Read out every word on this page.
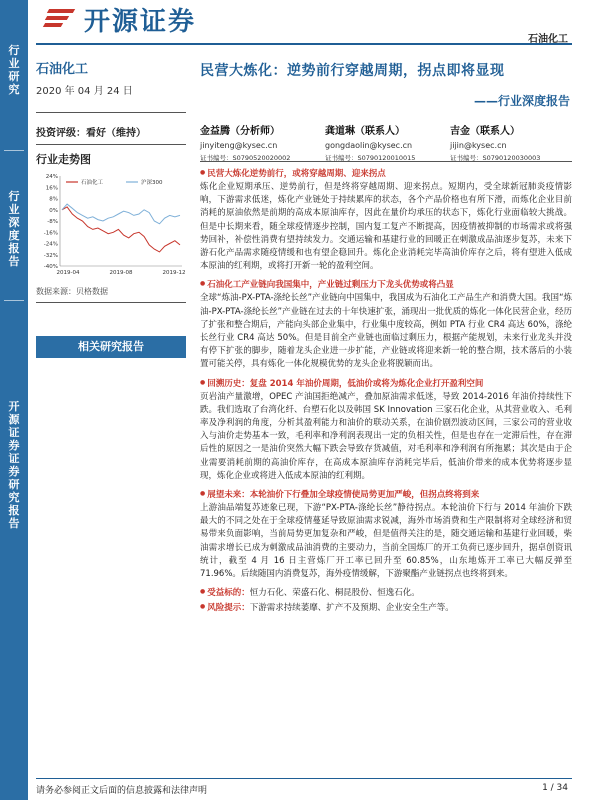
行业研究
行业深度报告
开源证券证券研究报告
开源证券
石油化工
石油化工
2020 年 04 月 24 日
投资评级：看好（维持）
行业走势图
24%
16%
8%
0%
-8%
-16%
-24%
-32%
-40%
2019-04	2019-08	2019-12
石油化工	沪深300
数据来源：贝格数据
相关研究报告
民营大炼化：逆势前行穿越周期，拐点即将显现
——行业深度报告
金益腾（分析师）
jinyiteng@kysec.cn
证书编号：S0790520020002
龚道琳（联系人）
gongdaolin@kysec.cn
证书编号：S0790120010015
吉金（联系人）
jijin@kysec.cn
证书编号：S0790120030003
● 民营大炼化逆势前行，或将穿越周期、迎来拐点

炼化企业短期承压、逆势前行，但是终将穿越周期、迎来拐点。短期内，受全球新冠肺炎疫情影响，下游需求低迷，炼化产业链处于持续累库的状态，各个产品价格也有所下滑，而炼化企业目前消耗的原油依然是前期的高成本原油库存，因此在量价均承压的状态下，炼化行业面临较大挑战。但是中长期来看，随全球疫情逐步控制，国内复工复产不断提高，因疫情被抑制的市场需求或将强势回补，补偿性消费有望持续发力。交通运输和基建行业的回暖正在刺激成品油逐步复苏，未来下游石化产品需求随疫情缓和也有望企稳回升。炼化企业消耗完毕高油价库存之后，将有望进入低成本原油的红利期，或将打开新一轮的盈利空间。

● 石油化工产业链向我国集中，产业链过剩压力下龙头优势或将凸显

全球“炼油-PX-PTA-涤纶长丝”产业链向中国集中，我国成为石油化工产品生产和消费大国。我国“炼油-PX-PTA-涤纶长丝”产业链在过去的十年快速扩张，涌现出一批优质的炼化一体化民营企业，经历了扩张和整合期后，产能向头部企业集中，行业集中度较高，例如 PTA 行业 CR4 高达 60%，涤纶长丝行业 CR4 高达 50%。但是目前全产业链也面临过剩压力，根据产能规划，未来行业龙头并没有停下扩张的脚步，随着龙头企业进一步扩能，产业链或将迎来新一轮的整合期，技术落后的小装置可能关停，具有炼化一体化规模优势的龙头企业将脱颖而出。

● 回溯历史：复盘 2014 年油价周期，低油价或将为炼化企业打开盈利空间

页岩油产量激增，OPEC 产油国拒绝减产，叠加原油需求低迷，导致 2014-2016 年油价持续性下跌。我们选取了台湾化纤、台塑石化以及韩国 SK Innovation 三家石化企业，从其营业收入、毛利率及净利润的角度，分析其盈利能力和油价的联动关系，在油价剧烈波动区间，三家公司的营业收入与油价走势基本一致，毛利率和净利润表现出一定的负相关性，但是也存在一定滞后性，存在滞后性的原因之一是油价突然大幅下跌会导致存货减值，对毛利率和净利润有所拖累；其次是由于企业需要消耗前期的高油价库存，在高成本原油库存消耗完毕后，低油价带来的成本优势将逐步显现，炼化企业或将进入低成本原油的红利期。

● 展望未来：本轮油价下行叠加全球疫情使局势更加严峻，但拐点终将到来

上游油品端复苏迹象已现，下游“PX-PTA-涤纶长丝”静待拐点。本轮油价下行与 2014 年油价下跌最大的不同之处在于全球疫情蔓延导致原油需求锐减，海外市场消费和生产限制将对全球经济和贸易带来负面影响，当前局势更加复杂和严峻，但是值得关注的是，随交通运输和基建行业回暖，柴油需求增长已成为刺激成品油消费的主要动力，当前全国炼厂的开工负荷已逐步回升，据卓创资讯统计，截至 4 月 16 日主营炼厂开工率已回升至 60.85%，山东地炼开工率已大幅反弹至 71.96%。后续随国内消费复苏，海外疫情缓解，下游聚酯产业链拐点也终将到来。

● 受益标的：恒力石化、荣盛石化、桐昆股份、恒逸石化。
● 风险提示：下游需求持续萎靡、扩产不及预期、企业安全生产等。
请务必参阅正文后面的信息披露和法律声明	1 / 34
